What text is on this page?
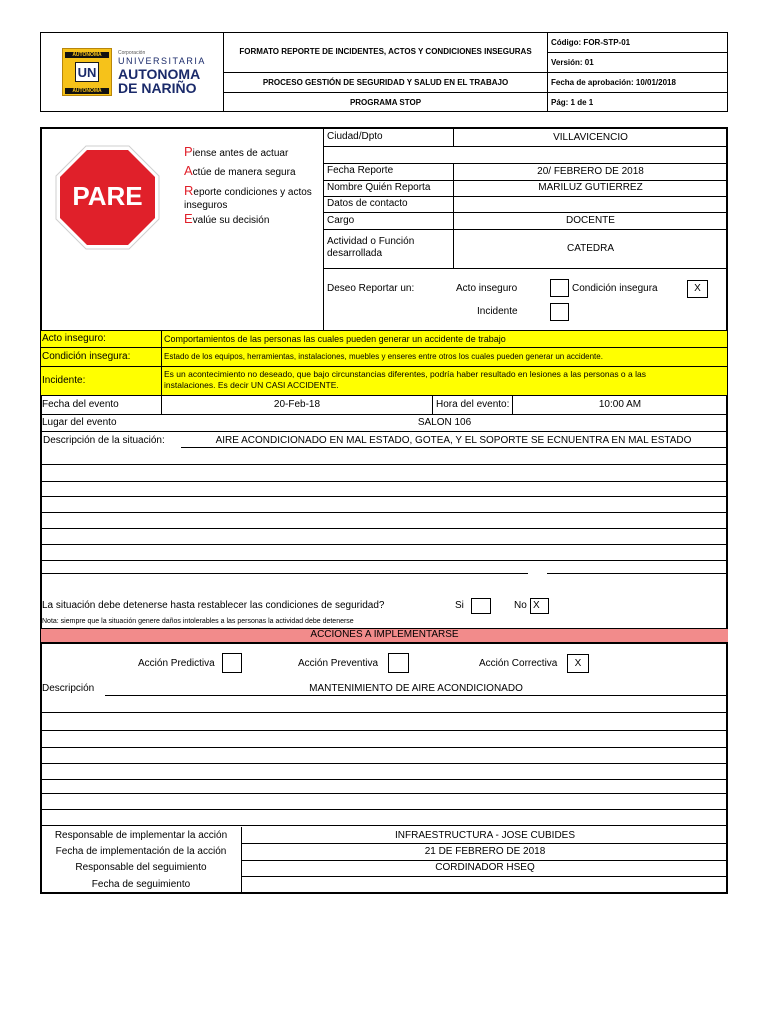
AUTONOMA
UN
AUTONOMA
Corporación
UNIVERSITARIA
AUTONOMA
DE NARIÑO
FORMATO REPORTE DE INCIDENTES, ACTOS Y CONDICIONES INSEGURAS
PROCESO GESTIÓN DE SEGURIDAD Y SALUD EN EL TRABAJO
PROGRAMA STOP
Código: FOR-STP-01
Versión: 01
Fecha de aprobación: 10/01/2018
Pág: 1 de 1
PARE
Piense antes de actuar
Actúe de manera segura
Reporte condiciones y actos
inseguros
Evalúe su decisión
Ciudad/Dpto	VILLAVICENCIO
Fecha Reporte	20/ FEBRERO DE 2018
Nombre Quién Reporta	MARILUZ GUTIERREZ
Datos de contacto
Cargo	DOCENTE
Actividad o Función desarrollada	CATEDRA
Deseo Reportar un:	Acto inseguro	Condición insegura	X
Incidente
Acto inseguro:	Comportamientos de las personas las cuales pueden generar un accidente de trabajo
Condición insegura:	Estado de los equipos, herramientas, instalaciones, muebles y enseres entre otros los cuales pueden generar un accidente.
Incidente:
Es un acontecimiento no deseado, que bajo circunstancias diferentes, podría haber resultado en lesiones a las personas o a las
instalaciones. Es decir UN CASI ACCIDENTE.
Fecha del evento	20-Feb-18	Hora del evento:	10:00 AM
Lugar del evento	SALON 106
Descripción de la situación:	AIRE ACONDICIONADO EN MAL ESTADO, GOTEA, Y EL SOPORTE SE ECNUENTRA EN MAL ESTADO
La situación debe detenerse hasta restablecer las condiciones de seguridad?	Si	No X
Nota: siempre que la situación genere daños intolerables a las personas la actividad debe detenerse
ACCIONES A IMPLEMENTARSE
Acción Predictiva	Acción Preventiva	Acción Correctiva	X
Descripción	MANTENIMIENTO DE AIRE ACONDICIONADO
Responsable de implementar la acción	INFRAESTRUCTURA - JOSE CUBIDES
Fecha de implementación de la acción	21 DE FEBRERO DE 2018
Responsable del seguimiento	CORDINADOR HSEQ
Fecha de seguimiento
